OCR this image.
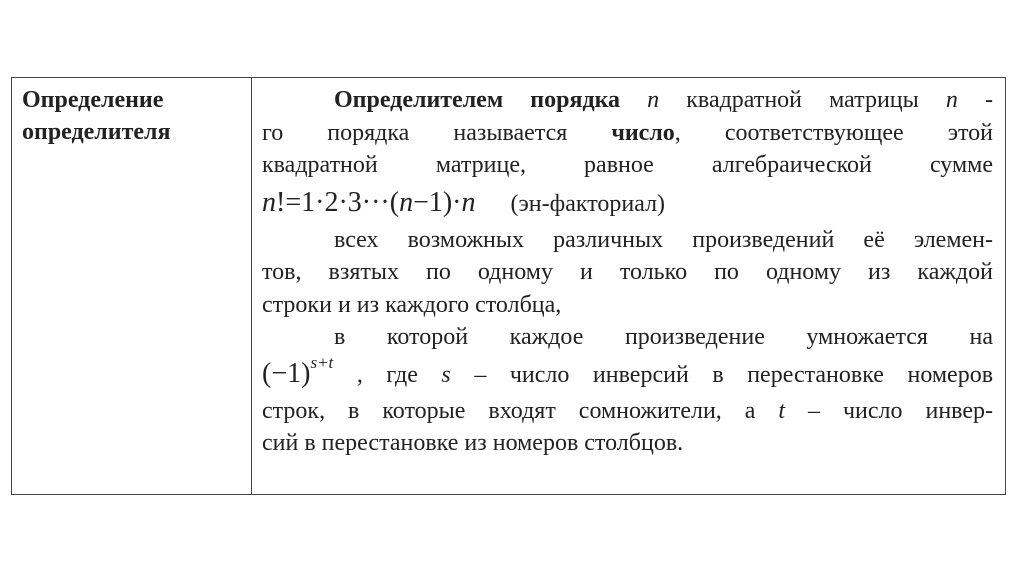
Определение
определителя

Определителем порядка n квадратной матрицы n -
го порядка называется число, соответствующее этой
квадратной матрице, равное алгебраической сумме
n!=1·2·3···(n−1)·n (эн-факториал)
всех возможных различных произведений её элемен-
тов, взятых по одному и только по одному из каждой
строки и из каждого столбца,
в которой каждое произведение умножается на
$(-1)^{s+t}$ , где s – число инверсий в перестановке номеров
строк, в которые входят сомножители, а t – число инвер-
сий в перестановке из номеров столбцов.
